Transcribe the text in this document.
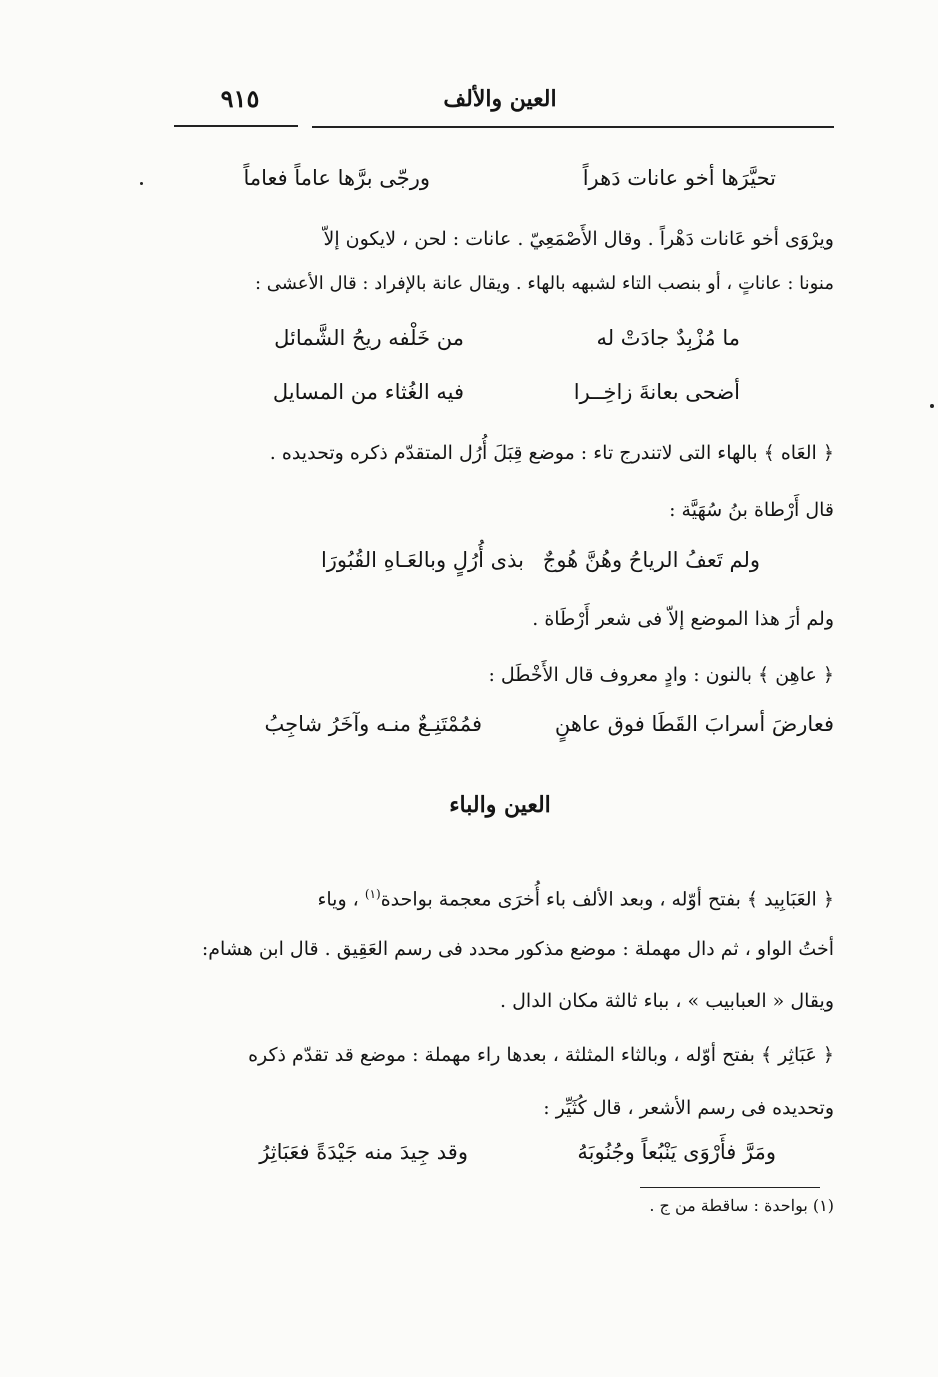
العين والألف
٩١٥
تحيَّرَها أخو عانات دَهراً
ورجّى برَّها عاماً فعاماً
ويرْوَى أخو عَانات دَهْراً . وقال الأَصْمَعِيّ . عانات : لحن ، لايكون إلاّ
منونا : عاناتٍ ، أو بنصب التاء لشبهه بالهاء . ويقال عانة بالإفراد : قال الأعشى :
ما مُزْبِدٌ جادَتْ له
من خَلْفه ريحُ الشَّمائل
أضحى بعانةَ زاخِــرا
فيه الغُثاء من المسايل
﴿ العَاه ﴾ بالهاء التى لاتندرج تاء : موضع قِبَلَ أُرُل المتقدّم ذكره وتحديده .
قال أَرْطاة بنُ سُهَيَّة :
ولم تَعفُ الرياحُ وهُنَّ هُوجٌ
بذى أُرُلٍ وبالعَـاهِ القُبُورَا
ولم أرَ هذا الموضع إلاّ فى شعر أَرْطَاة .
﴿ عاهِن ﴾ بالنون : وادٍ معروف قال الأَخْطَل :
فعارضَ أسرابَ القَطَا فوق عاهنٍ
فمُمْتَنِـعٌ منـه وآخَرُ شاجِبُ
العين والباء
﴿ العَبَابِيد ﴾ بفتح أوّله ، وبعد الألف باء أُخرَى معجمة بواحدة$^{(١)}$ ، وياء
أختُ الواو ، ثم دال مهملة : موضع مذكور محدد فى رسم العَقِيق . قال ابن هشام:
ويقال « العبابيب » ، بباء ثالثة مكان الدال .
﴿ عَبَاثِر ﴾ بفتح أوّله ، وبالثاء المثلثة ، بعدها راء مهملة : موضع قد تقدّم ذكره
وتحديده فى رسم الأشعر ، قال كُثَيِّر :
ومَرَّ فأَرْوَى يَنْبُعاً وجُنُوبَهُ
وقد جِيدَ منه جَيْدَةً فعَبَاثِرُ
(١) بواحدة : ساقطة من ج .
